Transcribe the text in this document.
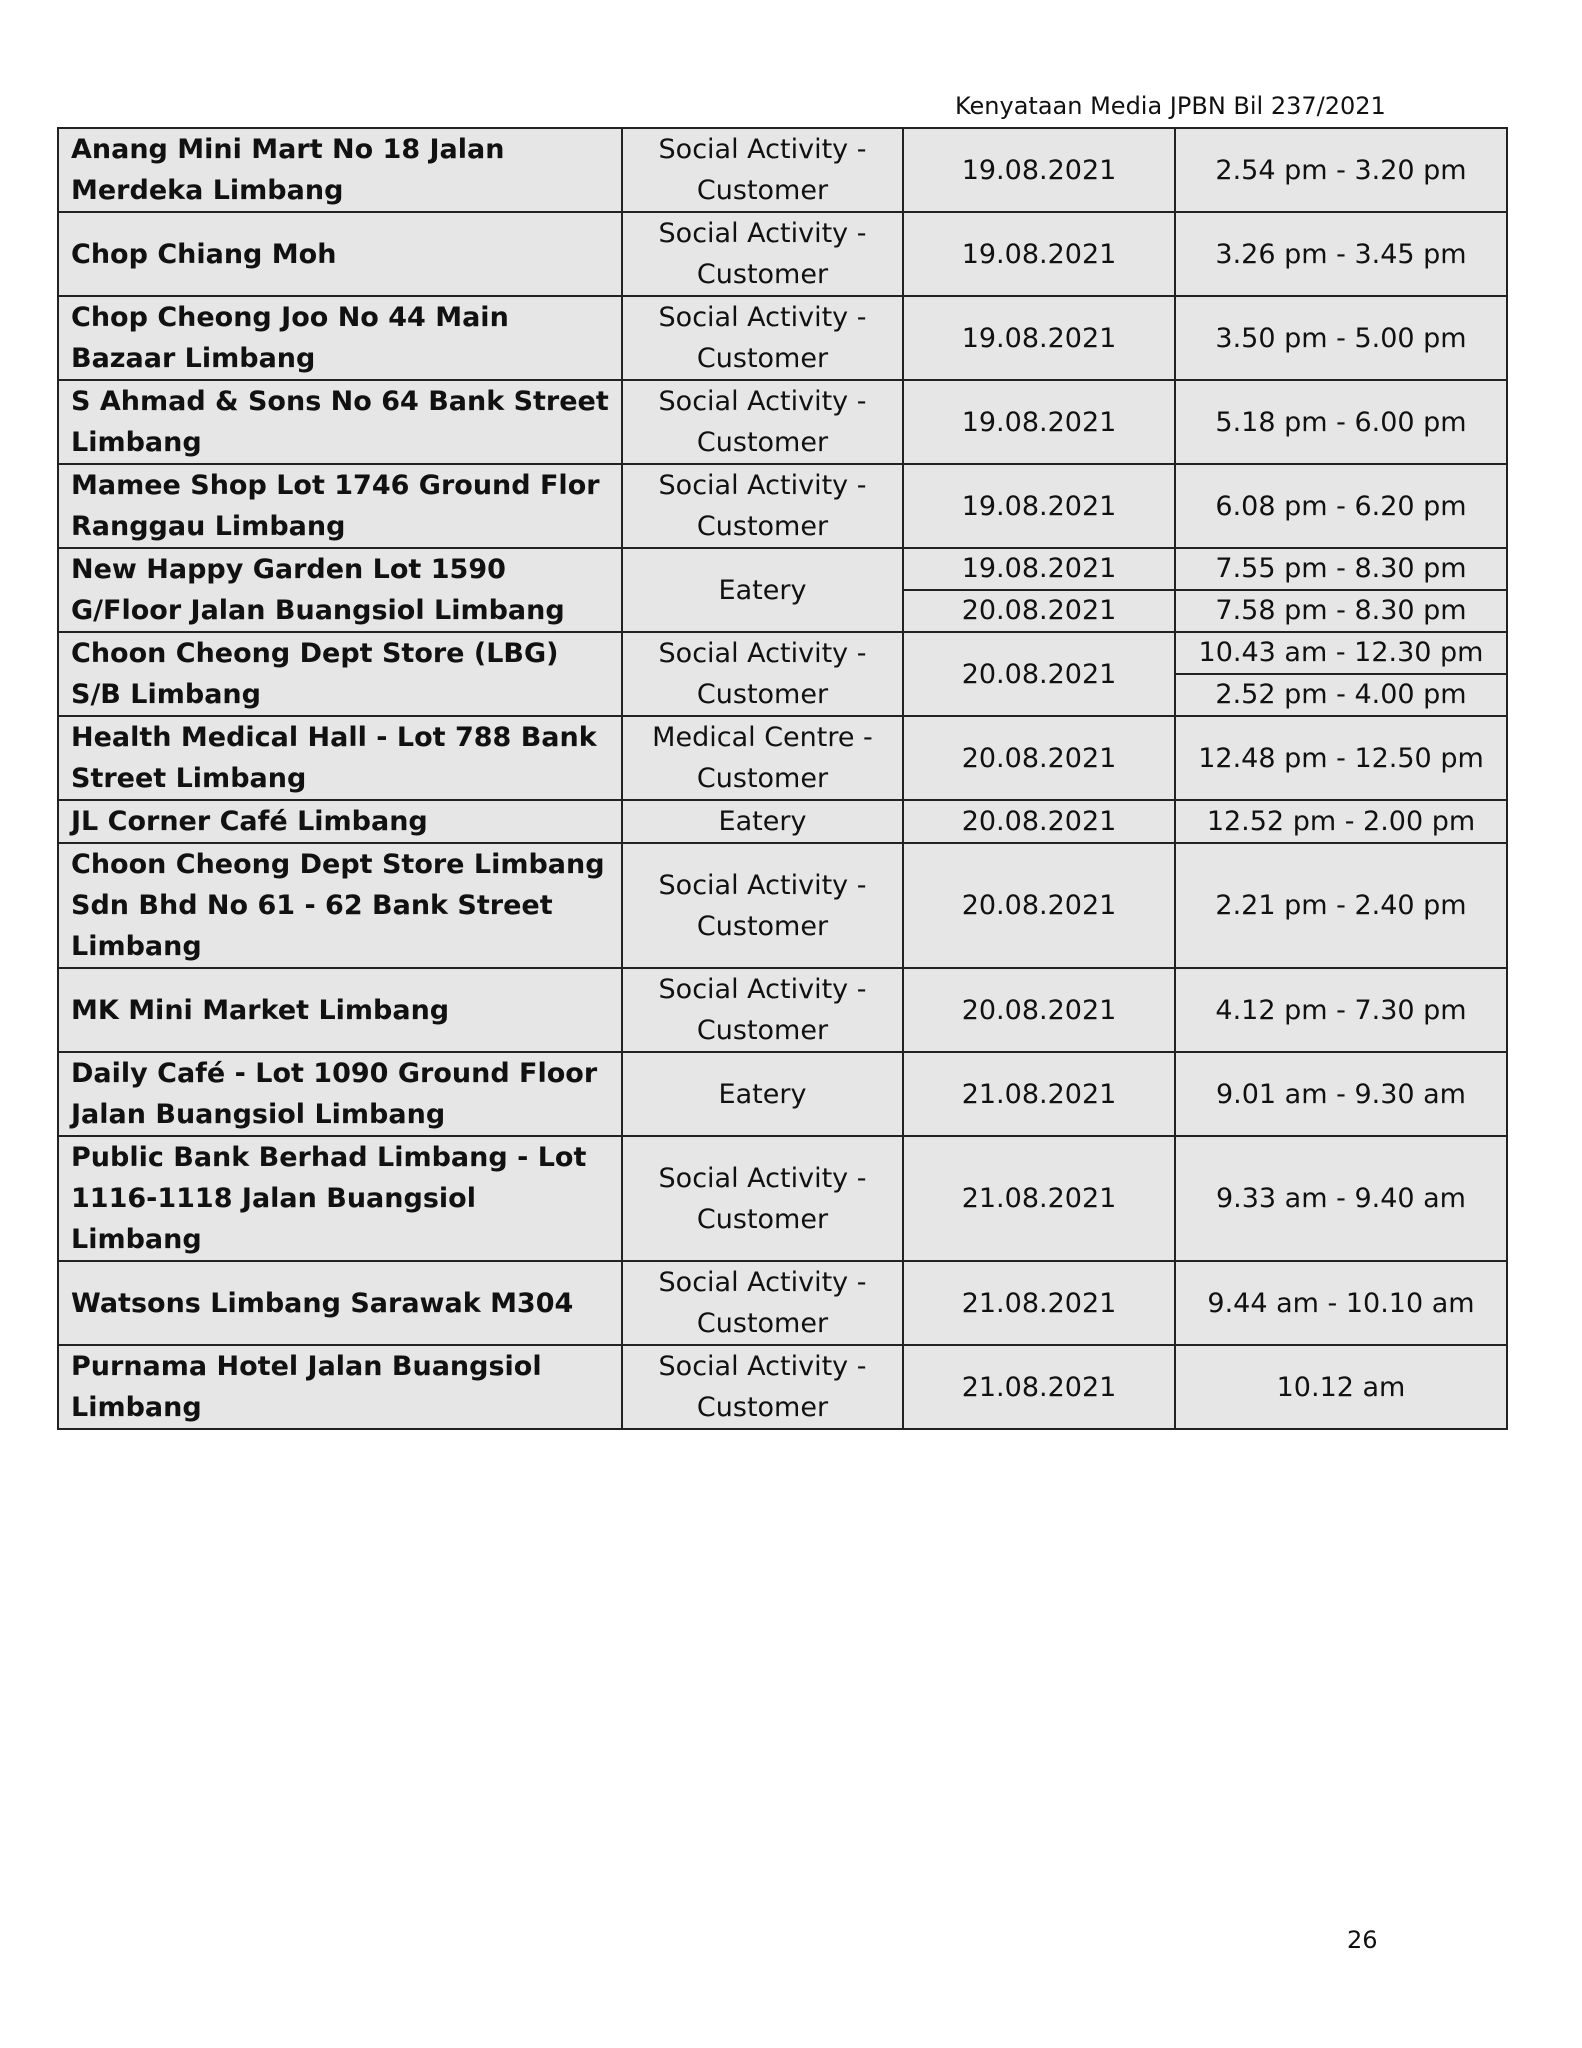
Kenyataan Media JPBN Bil 237/2021
Anang Mini Mart No 18 Jalan Merdeka Limbang	Social Activity - Customer	19.08.2021	2.54 pm - 3.20 pm
Chop Chiang Moh	Social Activity - Customer	19.08.2021	3.26 pm - 3.45 pm
Chop Cheong Joo No 44 Main Bazaar Limbang	Social Activity - Customer	19.08.2021	3.50 pm - 5.00 pm
S Ahmad & Sons No 64 Bank Street Limbang	Social Activity - Customer	19.08.2021	5.18 pm - 6.00 pm
Mamee Shop Lot 1746 Ground Flor Ranggau Limbang	Social Activity - Customer	19.08.2021	6.08 pm - 6.20 pm
New Happy Garden Lot 1590 G/Floor Jalan Buangsiol Limbang	Eatery	19.08.2021	7.55 pm - 8.30 pm
		20.08.2021	7.58 pm - 8.30 pm
Choon Cheong Dept Store (LBG) S/B Limbang	Social Activity - Customer	20.08.2021	10.43 am - 12.30 pm
			2.52 pm - 4.00 pm
Health Medical Hall - Lot 788 Bank Street Limbang	Medical Centre - Customer	20.08.2021	12.48 pm - 12.50 pm
JL Corner Café Limbang	Eatery	20.08.2021	12.52 pm - 2.00 pm
Choon Cheong Dept Store Limbang Sdn Bhd No 61 - 62 Bank Street Limbang	Social Activity - Customer	20.08.2021	2.21 pm - 2.40 pm
MK Mini Market Limbang	Social Activity - Customer	20.08.2021	4.12 pm - 7.30 pm
Daily Café - Lot 1090 Ground Floor Jalan Buangsiol Limbang	Eatery	21.08.2021	9.01 am - 9.30 am
Public Bank Berhad Limbang - Lot 1116-1118 Jalan Buangsiol Limbang	Social Activity - Customer	21.08.2021	9.33 am - 9.40 am
Watsons Limbang Sarawak M304	Social Activity - Customer	21.08.2021	9.44 am - 10.10 am
Purnama Hotel Jalan Buangsiol Limbang	Social Activity - Customer	21.08.2021	10.12 am
26
